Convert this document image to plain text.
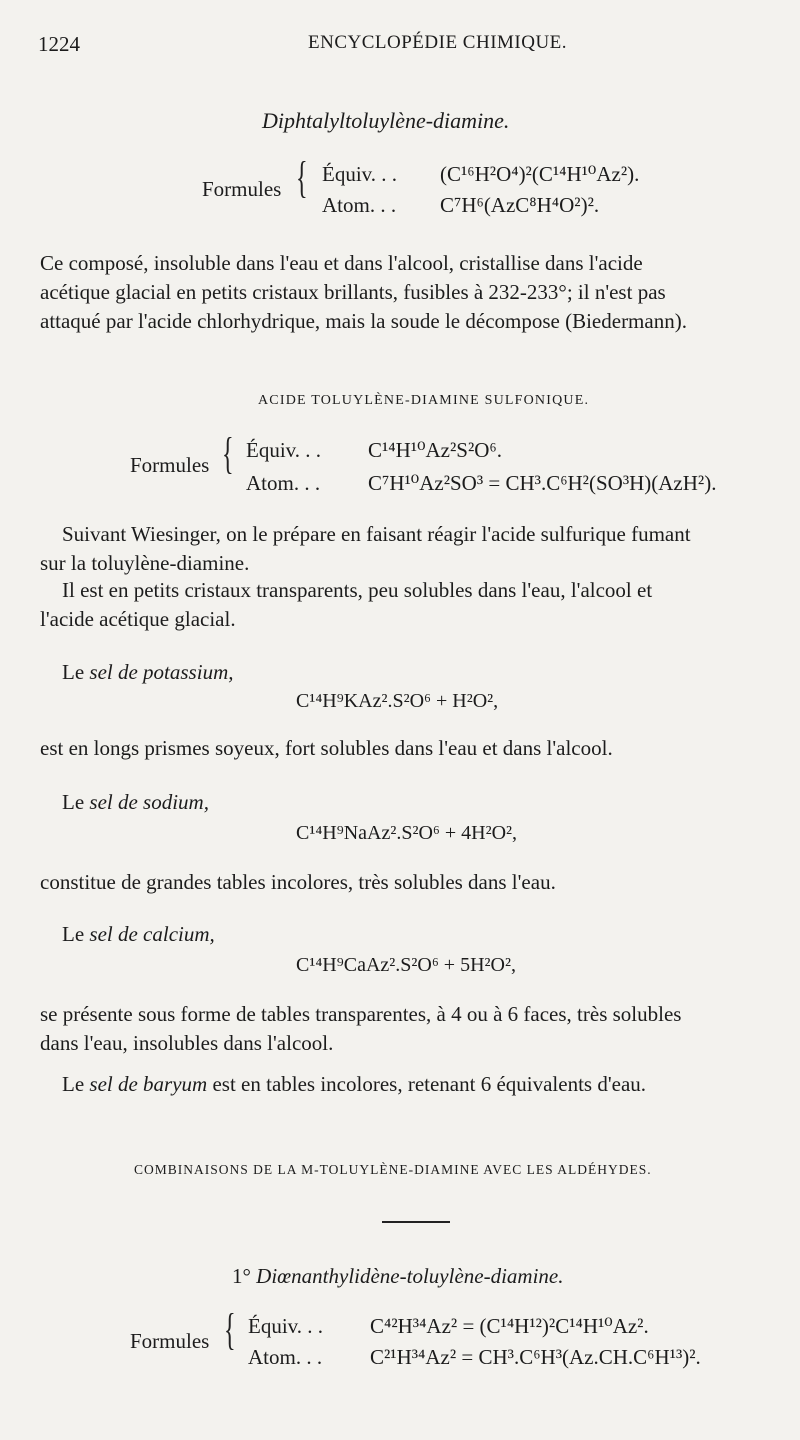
1224	ENCYCLOPÉDIE CHIMIQUE.
Diphtalyltoluylène-diamine.
Formules { Équiv. . . (C¹⁶H²O⁴)²(C¹⁴H¹⁰Az²).
Atom. . . C⁷H⁶(AzC⁸H⁴O²)².
Ce composé, insoluble dans l'eau et dans l'alcool, cristallise dans l'acide
acétique glacial en petits cristaux brillants, fusibles à 232-233°; il n'est pas
attaqué par l'acide chlorhydrique, mais la soude le décompose (Biedermann).
ACIDE TOLUYLÈNE-DIAMINE SULFONIQUE.
Formules { Équiv. . . C¹⁴H¹⁰Az²S²O⁶.
Atom. . . C⁷H¹⁰Az²SO³ = CH³.C⁶H²(SO³H)(AzH²).
Suivant Wiesinger, on le prépare en faisant réagir l'acide sulfurique fumant
sur la toluylène-diamine.
Il est en petits cristaux transparents, peu solubles dans l'eau, l'alcool et
l'acide acétique glacial.
Le sel de potassium,
C¹⁴H⁹KAz².S²O⁶ + H²O²,
est en longs prismes soyeux, fort solubles dans l'eau et dans l'alcool.
Le sel de sodium,
C¹⁴H⁹NaAz².S²O⁶ + 4H²O²,
constitue de grandes tables incolores, très solubles dans l'eau.
Le sel de calcium,
C¹⁴H⁹CaAz².S²O⁶ + 5H²O²,
se présente sous forme de tables transparentes, à 4 ou à 6 faces, très solubles
dans l'eau, insolubles dans l'alcool.
Le sel de baryum est en tables incolores, retenant 6 équivalents d'eau.
COMBINAISONS DE LA M-TOLUYLÈNE-DIAMINE AVEC LES ALDÉHYDES.
1° Diœnanthylidène-toluylène-diamine.
Formules { Équiv. . . C⁴²H³⁴Az² = (C¹⁴H¹²)²C¹⁴H¹⁰Az².
Atom. . . C²¹H³⁴Az² = CH³.C⁶H³(Az.CH.C⁶H¹³)².
